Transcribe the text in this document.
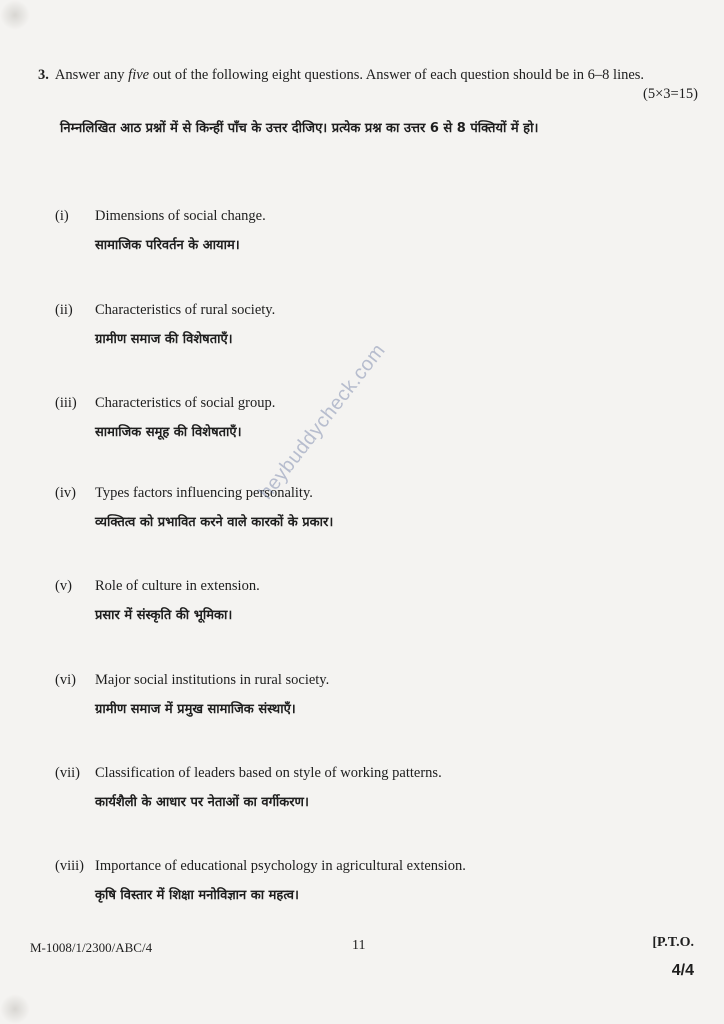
3. Answer any five out of the following eight questions. Answer of each question should be in 6–8 lines.
(5×3=15)
निम्नलिखित आठ प्रश्नों में से किन्हीं पाँच के उत्तर दीजिए। प्रत्येक प्रश्न का उत्तर 6 से 8 पंक्तियों में हो।
(i)	Dimensions of social change.
सामाजिक परिवर्तन के आयाम।
(ii)	Characteristics of rural society.
ग्रामीण समाज की विशेषताएँ।
(iii)	Characteristics of social group.
सामाजिक समूह की विशेषताएँ।
(iv)	Types factors influencing personality.
व्यक्तित्व को प्रभावित करने वाले कारकों के प्रकार।
(v)	Role of culture in extension.
प्रसार में संस्कृति की भूमिका।
(vi)	Major social institutions in rural society.
ग्रामीण समाज में प्रमुख सामाजिक संस्थाएँ।
(vii)	Classification of leaders based on style of working patterns.
कार्यशैली के आधार पर नेताओं का वर्गीकरण।
(viii) Importance of educational psychology in agricultural extension.
कृषि विस्तार में शिक्षा मनोविज्ञान का महत्व।
M-1008/1/2300/ABC/4	11	[P.T.O.
4/4
heybuddycheck.com
